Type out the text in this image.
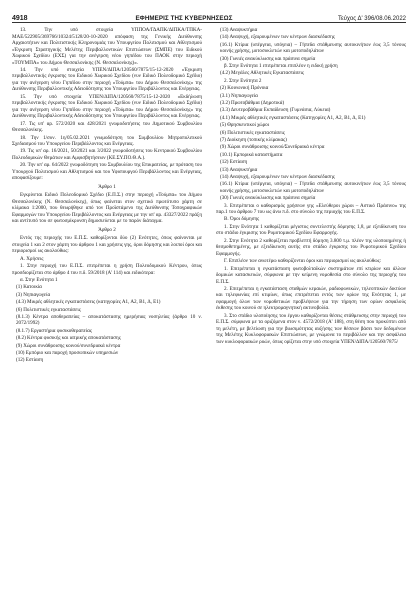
4918	ΕΦΗΜΕΡΙΣ ΤΗΣ ΚΥΒΕΡΝΗΣΕΩΣ	Τεύχος Δ' 396/08.06.2022

13. Την υπό στοιχεία ΥΠΠΟΑ/ΓΔΑΠΚ/ΔΙΠΚΑ/ΤΠΚΑ-ΜΑΕ/522905/369766/10324/5128/20-10-2020 απόφαση της Γενικής Διεύθυνσης Αρχαιοτήτων και Πολιτιστικής Κληρονομιάς του Υπουργείου Πολιτισμού και Αθλητισμού «Έγκριση Στρατηγικής Μελέτης Περιβαλλοντικών Επιπτώσεων (ΣΜΠΕ) του Ειδικού Χωρικού Σχεδίου (ΕΧΣ) για την ανέγερση νέου γηπέδου του ΠΑΟΚ στην περιοχή «ΤΟΥΜΠΑ» του Δήμου Θεσσαλονίκης (Ν. Θεσσαλονίκης)».

14. Την υπό στοιχεία ΥΠΕΝ/ΔΙΠΑ/120560/7875/15-12-2020 «Έγκριση περιβαλλοντικής έγκρισης του Ειδικού Χωρικού Σχεδίου (νυν Ειδικό Πολεοδομικό Σχέδιο) για την ανέγερση νέου Γηπέδου στην περιοχή «Τούμπα» του Δήμου Θεσσαλονίκης» της Διεύθυνσης Περιβαλλοντικής Αδειοδότησης του Υπουργείου Περιβάλλοντος και Ενέργειας.

15. Την υπό στοιχεία ΥΠΕΝ/ΔΙΠΑ/120560/7875/15-12-2020 «Εκδήλωση περιβαλλοντικής έγκρισης του Ειδικού Χωρικού Σχεδίου (νυν Ειδικό Πολεοδομικό Σχέδιο) για την ανέγερση νέου Γηπέδου στην περιοχή «Τούμπα» του Δήμου Θεσσαλονίκης» της Διεύθυνσης Περιβαλλοντικής Αδειοδότησης του Υπουργείου Περιβάλλοντος και Ενέργειας.

17. Τις υπ' αρ. 572/2020 και 428/2021 γνωμοδοτήσεις του Δημοτικού Συμβουλίου Θεσσαλονίκης.

18. Την 1/συν. 1η/05.02.2021 γνωμοδότηση του Συμβουλίου Μητροπολιτικού Σχεδιασμού του Υπουργείου Περιβάλλοντος και Ενέργειας.

19. Τις υπ' αρ. 16/2021, 50/2021 και 3/2022 γνωμοδοτήσεις του Κεντρικού Συμβουλίου Πολεοδομικών Θεμάτων και Αμφισβητήσεων (ΚΕ.ΣΥ.ΠΟ.Θ.Α.).

20. Την υπ' αρ. 64/2022 γνωμοδότηση του Συμβουλίου της Επικρατείας, με πρόταση του Υπουργού Πολιτισμού και Αθλητισμού και του Υφυπουργού Περιβάλλοντος και Ενέργειας, αποφασίζουμε:

Άρθρο 1

Εγκρίνεται Ειδικό Πολεοδομικό Σχέδιο (Ε.Π.Σ.) στην περιοχή «Τούμπα» του Δήμου Θεσσαλονίκης (Ν. Θεσσαλονίκης), όπως φαίνεται στον σχετικό πρωτότυπο χάρτη σε κλίμακα 1:2000, που θεωρήθηκε από τον Προϊστάμενο της Διεύθυνσης Τοπογραφικών Εφαρμογών του Υπουργείου Περιβάλλοντος και Ενέργειας με την υπ' αρ. 43327/2022 πράξη και αντίτυπό του σε φωτοσμίκρυνση δημοσιεύεται με το παρόν διάταγμα.

Άρθρο 2

Εντός της περιοχής του Ε.Π.Σ. καθορίζονται δύο (2) Ενότητες, όπως φαίνονται με στοιχεία 1 και 2 στον χάρτη του άρθρου 1 και χρήσεις γης, όροι δόμησης και λοιποί όροι και περιορισμοί ως ακολούθως:

Α. Χρήσεις

1. Στην περιοχή του Ε.Π.Σ. επιτρέπεται η χρήση Πολεοδομικού Κέντρου, όπως προσδιορίζεται στο άρθρο 4 του π.δ. 59/2018 (Α' 114) και ειδικότερα:

α. Στην Ενότητα 1

(1) Κατοικία

(3) Νηπιαγωγεία

(4.3) Μικρές αθλητικές εγκαταστάσεις (κατηγορίες Α1, Α2, Β1, Δ, Ε1)

(6) Πολιτιστικές εγκαταστάσεις

(8.1.3) Κέντρα αποθεραπείας – αποκατάστασης ημερήσιας νοσηλείας (άρθρο 10 ν. 2072/1992)

(8.1.7) Εργαστήρια φυσικοθεραπείας

(8.2) Κέντρα φυσικής και ιατρικής αποκατάστασης

(9) Χώροι συνάθροισης κοινού/συνεδριακά κέντρα

(10) Εμπόριο και παροχή προσωπικών υπηρεσιών

(12) Εστίαση

(13) Αναψυκτήρια

(14) Αναψυχή, εξαιρουμένων των κέντρων διασκέδασης

(16.1) Κτίρια (υπέργεια, υπόγεια) – Γήπεδα στάθμευσης αυτοκινήτων έως 3,5 τόνους κοινής χρήσης, μοτοσυκλετών και μοτοποδηλάτων

(30) Γωνιές ανακύκλωσης και πράσινα σημεία

β. Στην Ενότητα 1 επιτρέπεται επιπλέον η ειδική χρήση

(4.2) Μεγάλες Αθλητικές Εγκαταστάσεις

2. Στην Ενότητα 2

(2) Κοινωνική Πρόνοια

(3.1) Νηπιαγωγεία

(3.2) Πρωτοβάθμια (Δημοτικά)

(3.3) Δευτεροβάθμια Εκπαίδευση (Γυμνάσια, Λύκεια)

(4.1) Μικρές αθλητικές εγκαταστάσεις (Κατηγορίες Α1, Α2, Β1, Δ, Ε1)

(5) Θρησκευτικοί χώροι

(6) Πολιτιστικές εγκαταστάσεις

(7) Διοίκηση (τοπικής κλίμακας)

(9) Χώροι συνάθροισης κοινού/Συνεδριακά κέντρα

(10.1) Εμπορικά καταστήματα

(12) Εστίαση

(13) Αναψυκτήρια

(14) Αναψυχή, εξαιρουμένων των κέντρων διασκέδασης

(16.1) Κτίρια (υπέργεια, υπόγεια) – Γήπεδα στάθμευσης αυτοκινήτων έως 3,5 τόνους κοινής χρήσης, μοτοσυκλετών και μοτοποδηλάτων

(30) Γωνιές ανακύκλωσης και πράσινα σημεία

3. Επιτρέπεται ο καθορισμός χρήσεων γης «Ελεύθεροι χώροι – Αστικό Πράσινο» της παρ.1 του άρθρου 7 του ως άνω π.δ. στο σύνολο της περιοχής του Ε.Π.Σ.

Β. Όροι δόμησης

1. Στην Ενότητα 1 καθορίζεται μέγιστος συντελεστής δόμησης 1,8, με εξειδίκευση του στο στάδιο έγκρισης του Ρυμοτομικού Σχεδίου Εφαρμογής.

2. Στην Ενότητα 2 καθορίζεται προβλεπτή δόμηση 3.800 τ.μ. πλέον της υλοποιημένης ή θεσμοθετημένης, με εξειδίκευση αυτής στο στάδιο έγκρισης του Ρυμοτομικού Σχεδίου Εφαρμογής.

Γ. Επιπλέον των ανωτέρω καθορίζονται όροι και περιορισμοί ως ακολούθως:

1. Επιτρέπεται η εγκατάσταση φωτοβολταϊκών συστημάτων επί κτιρίων και άλλων δομικών κατασκευών, σύμφωνα με την κείμενη νομοθεσία στο σύνολο της περιοχής του Ε.Π.Σ.

2. Επιτρέπεται η εγκατάσταση σταθμών κεραιών, ραδιοφωνικών, τηλεοπτικών δικτύων και τηλεφωνίας επί κτιρίων, όπως επιτρέπεται εντός των ορίων της Ενότητας 1, με εφαρμογή όλων των νομοθετικών προβλέψεων για την τήρηση των ορίων ασφαλούς έκθεσης του κοινού σε ηλεκτρομαγνητική ακτινοβολία.

3. Στο στάδιο υλοποίησης του έργου καθορίζονται θέσεις στάθμευσης στην περιοχή του Ε.Π.Σ. σύμφωνα με τα οριζόμενα στον ν. 4572/2018 (Α' 188), στη θέση που προκύπτει από τη μελέτη, με βελτίωση για την βιωσιμότητας αυξήσης των θέσεων βάσει των δεδομένων της Μελέτης Κυκλοφοριακών Επιπτώσεων, με γνώμονα το περιβάλλον και την ασφάλεια των κυκλοφοριακών ροών, όπως ορίζεται στην υπό στοιχεία ΥΠΕΝ/ΔΙΠΑ/120560/7875/
